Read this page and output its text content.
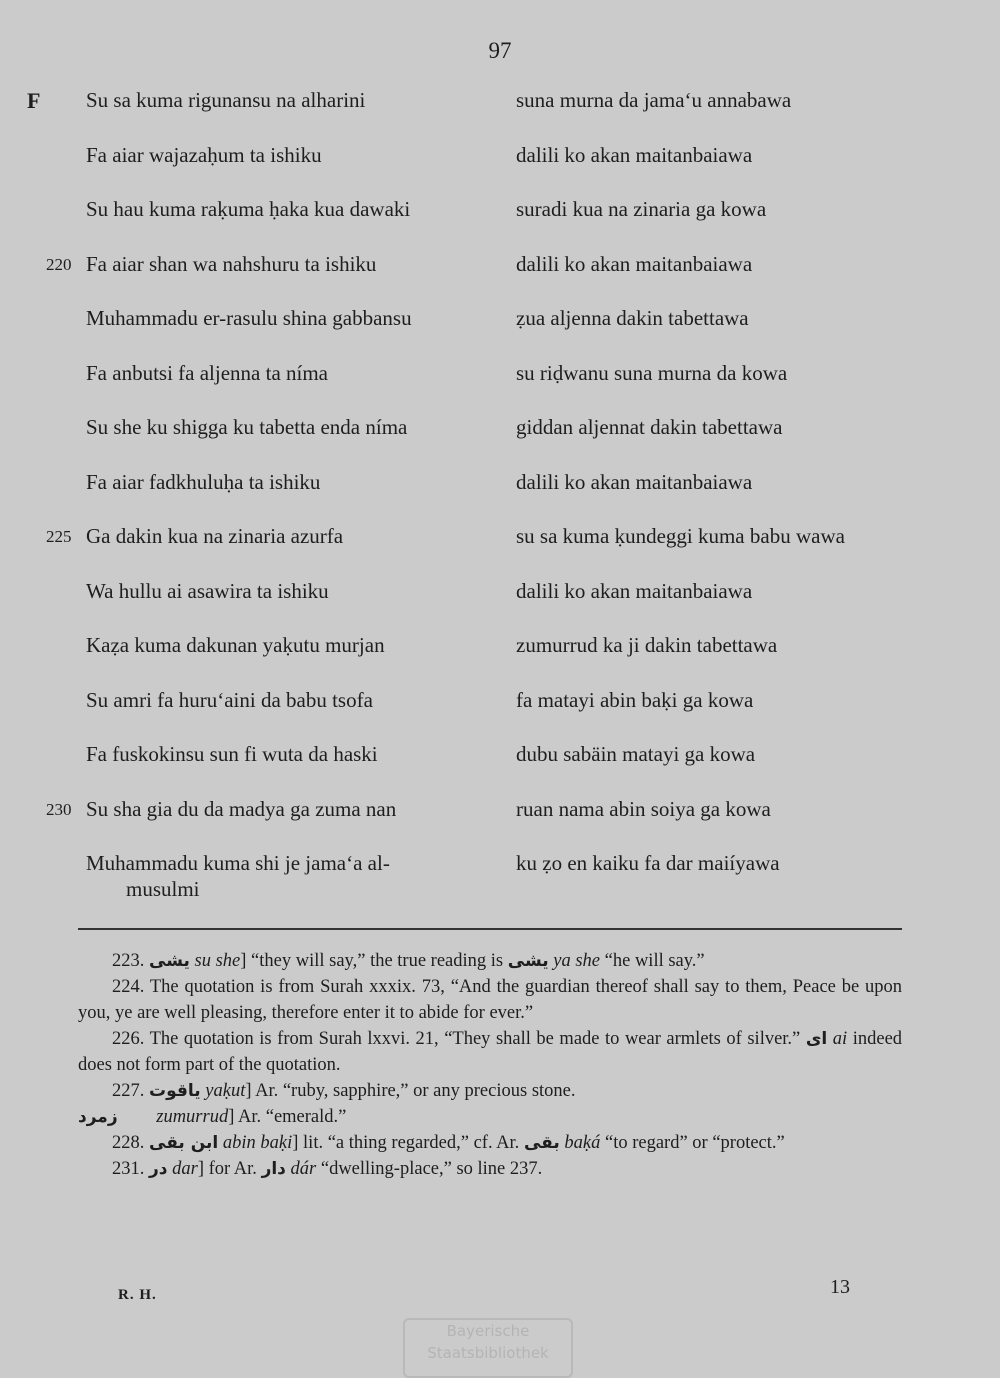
97
F Su sa kuma rigunansu na alharini	suna murna da jama‘u annabawa
Fa aiar wajazaḥum ta ishiku	dalili ko akan maitanbaiawa
Su hau kuma raḳuma ḥaka kua dawaki	suradi kua na zinaria ga kowa
220 Fa aiar shan wa nahshuru ta ishiku	dalili ko akan maitanbaiawa
Muhammadu er-rasulu shina gabbansu	ẓua aljenna dakin tabettawa
Fa anbutsi fa aljenna ta níma	su riḍwanu suna murna da kowa
Su she ku shigga ku tabetta enda níma	giddan aljennat dakin tabettawa
Fa aiar fadkhuluḥa ta ishiku	dalili ko akan maitanbaiawa
225 Ga dakin kua na zinaria azurfa	su sa kuma ḳundeggi kuma babu wawa
Wa hullu ai asawira ta ishiku	dalili ko akan maitanbaiawa
Kaẓa kuma dakunan yaḳutu murjan	zumurrud ka ji dakin tabettawa
Su amri fa huru‘aini da babu tsofa	fa matayi abin baḳi ga kowa
Fa fuskokinsu sun fi wuta da haski	dubu sabäin matayi ga kowa
230 Su sha gia du da madya ga zuma nan	ruan nama abin soiya ga kowa
Muhammadu kuma shi je jama‘a al-	ku ẓo en kaiku fa dar maiíyawa
musulmi
223. يشى su she] “they will say,” the true reading is يشى ya she “he will say.”
224. The quotation is from Surah xxxix. 73, “And the guardian thereof shall say to them, Peace be upon you, ye are well pleasing, therefore enter it to abide for ever.”
226. The quotation is from Surah lxxvi. 21, “They shall be made to wear armlets of silver.” اى ai indeed does not form part of the quotation.
227. ياقوت yaḳut] Ar. “ruby, sapphire,” or any precious stone.
زمرد zumurrud] Ar. “emerald.”
228. ابن بقى abin baḳi] lit. “a thing regarded,” cf. Ar. بقى baḳá “to regard” or “protect.”
231. در dar] for Ar. دار dár “dwelling-place,” so line 237.
R. H.	13
Bayerische
Staatsbibliothek
